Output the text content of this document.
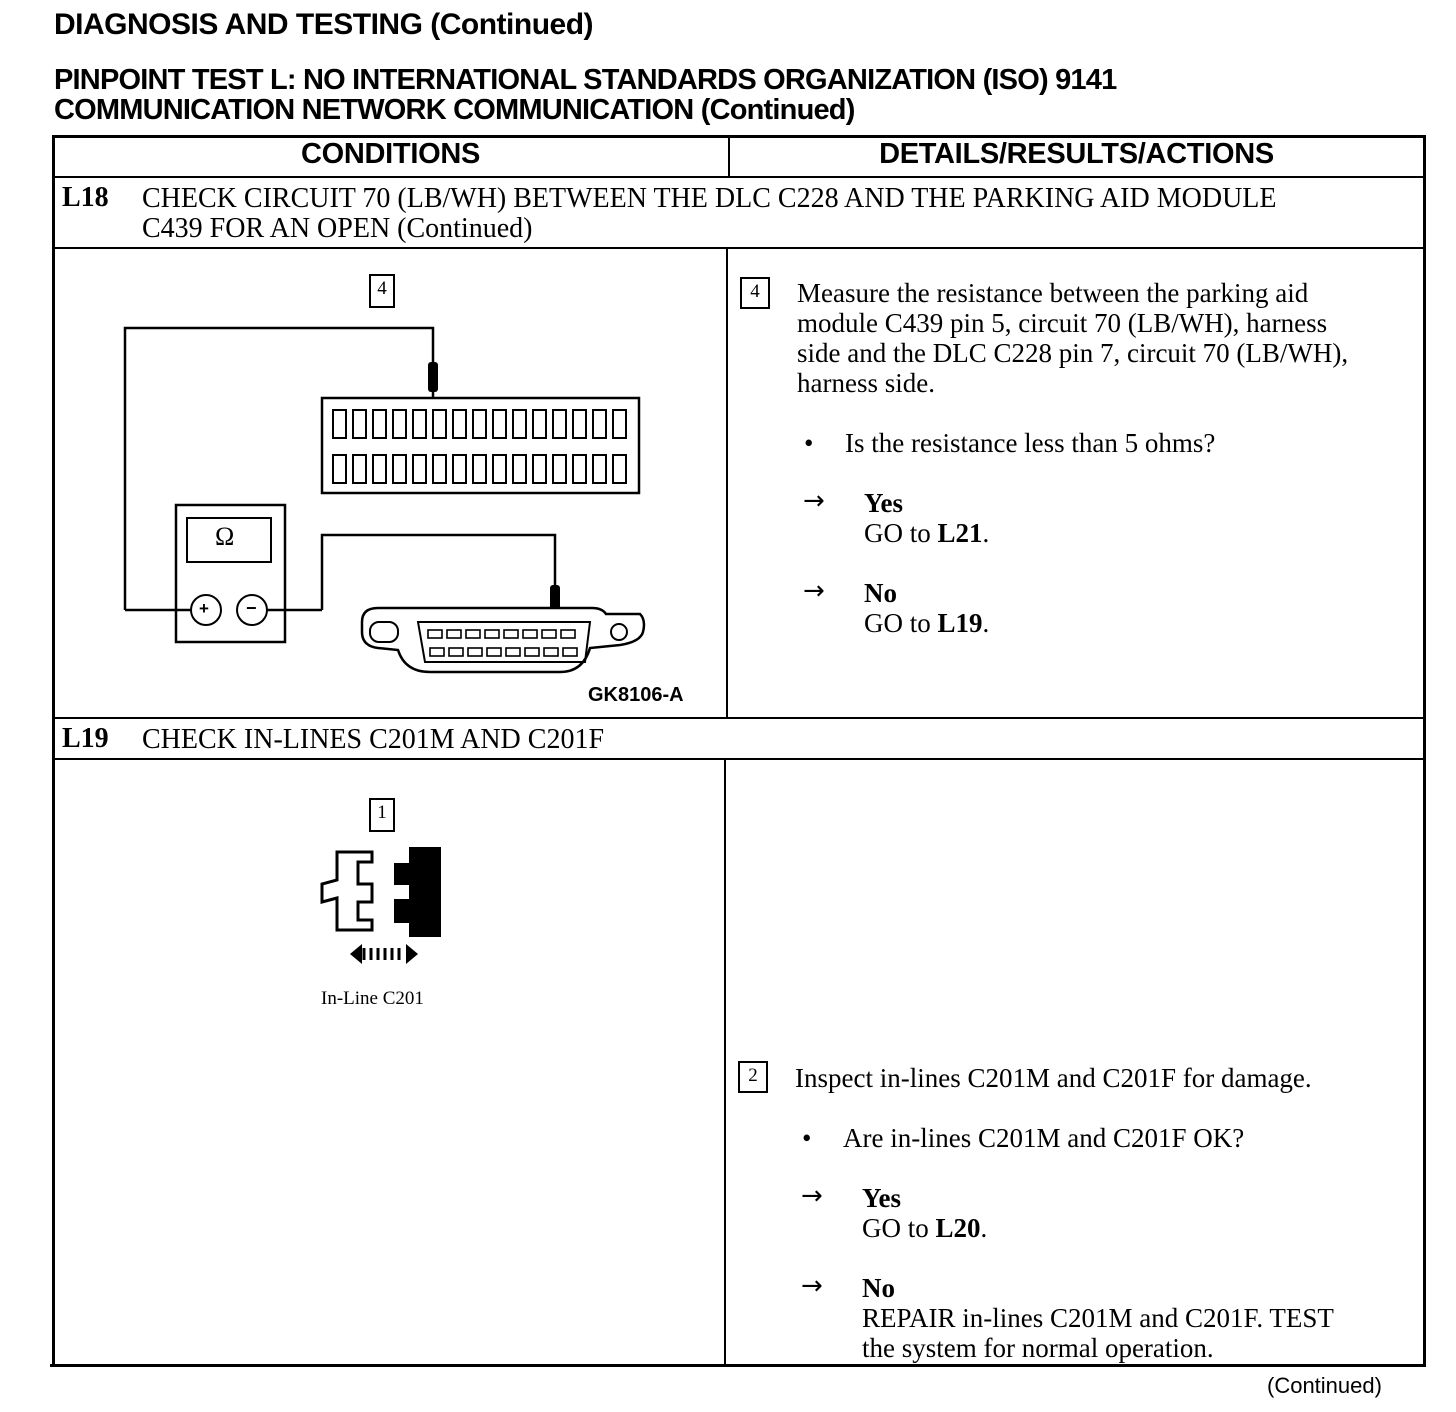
DIAGNOSIS AND TESTING (Continued)
PINPOINT TEST L: NO INTERNATIONAL STANDARDS ORGANIZATION (ISO) 9141
COMMUNICATION NETWORK COMMUNICATION (Continued)
CONDITIONS	DETAILS/RESULTS/ACTIONS
L18 CHECK CIRCUIT 70 (LB/WH) BETWEEN THE DLC C228 AND THE PARKING AID MODULE
C439 FOR AN OPEN (Continued)
4
Ω
+ −
GK8106-A
4	Measure the resistance between the parking aid
module C439 pin 5, circuit 70 (LB/WH), harness
side and the DLC C228 pin 7, circuit 70 (LB/WH),
harness side.
• Is the resistance less than 5 ohms?
→ Yes
GO to L21.
→ No
GO to L19.
L19 CHECK IN-LINES C201M AND C201F
1
In-Line C201
2	Inspect in-lines C201M and C201F for damage.
• Are in-lines C201M and C201F OK?
→ Yes
GO to L20.
→ No
REPAIR in-lines C201M and C201F. TEST
the system for normal operation.
(Continued)
